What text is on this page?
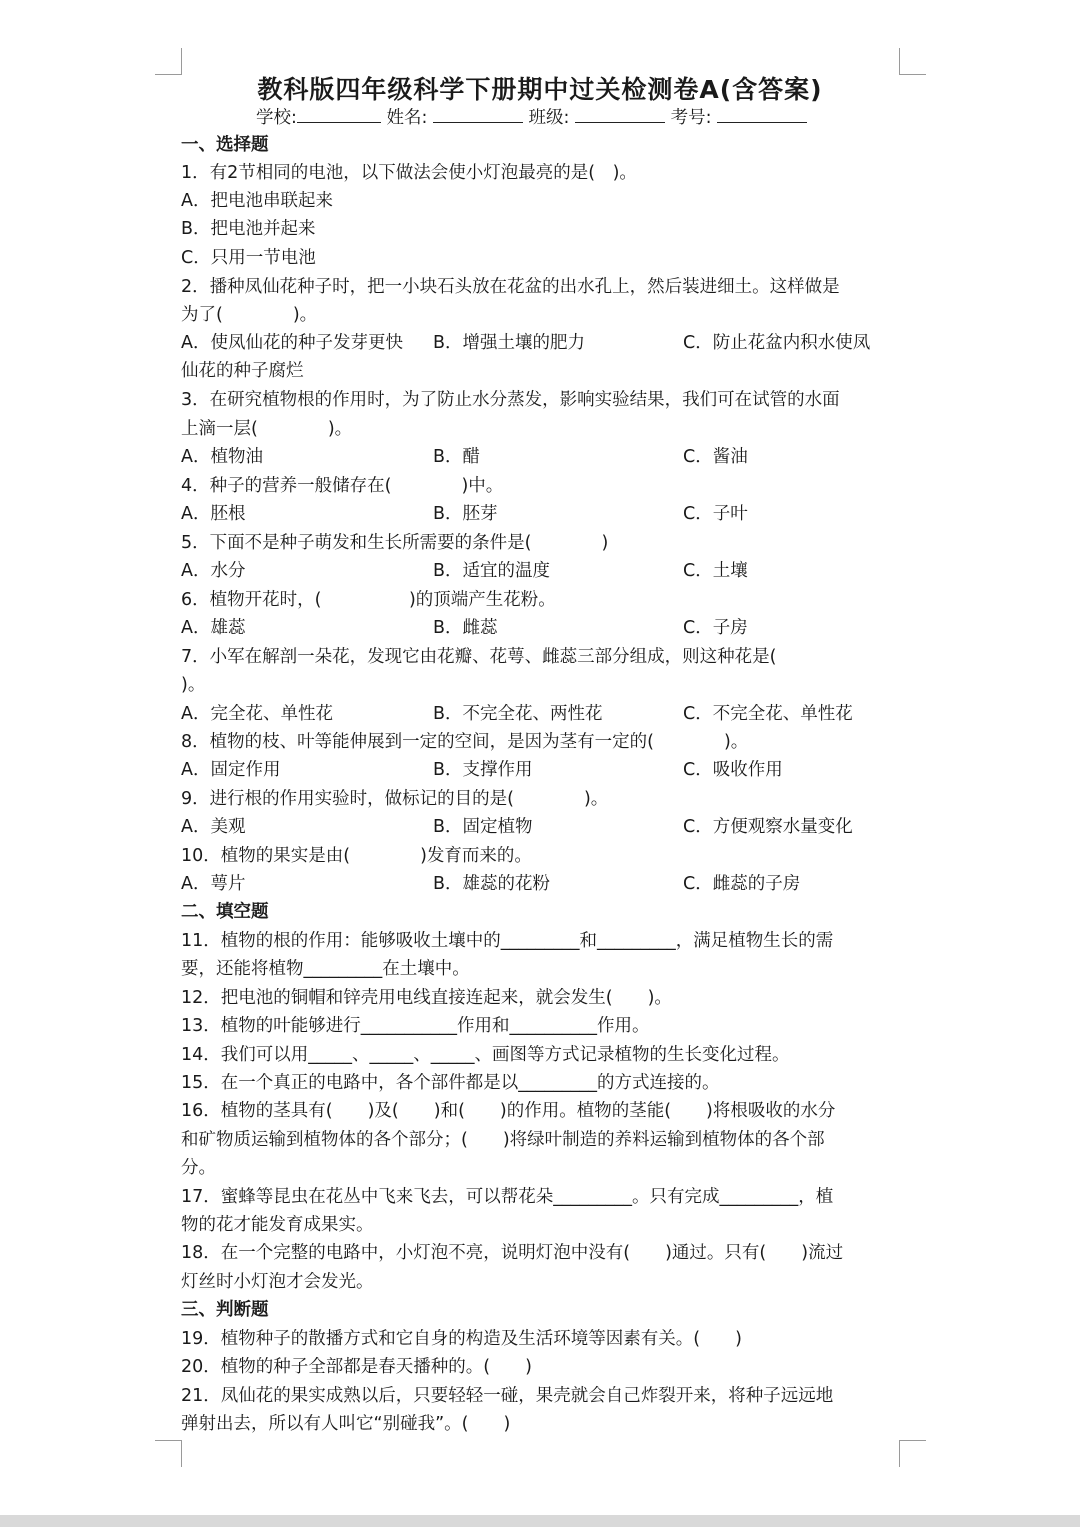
教科版四年级科学下册期中过关检测卷A(含答案)
学校:	姓名:	班级:	考号:
一、选择题
1．有2节相同的电池，以下做法会使小灯泡最亮的是(　)。
A．把电池串联起来
B．把电池并起来
C．只用一节电池
2．播种凤仙花种子时，把一小块石头放在花盆的出水孔上，然后装进细土。这样做是
为了(　　　　)。
A．使凤仙花的种子发芽更快 B．增强土壤的肥力	C．防止花盆内积水使凤
仙花的种子腐烂
3．在研究植物根的作用时，为了防止水分蒸发，影响实验结果，我们可在试管的水面
上滴一层(　　　　)。
A．植物油	B．醋	C．酱油
4．种子的营养一般储存在(　　　　)中。
A．胚根	B．胚芽	C．子叶
5．下面不是种子萌发和生长所需要的条件是(　　　　)
A．水分	B．适宜的温度	C．土壤
6．植物开花时，(　　　　　)的顶端产生花粉。
A．雄蕊	B．雌蕊	C．子房
7．小军在解剖一朵花，发现它由花瓣、花萼、雌蕊三部分组成，则这种花是(
)。
A．完全花、单性花	B．不完全花、两性花	C．不完全花、单性花
8．植物的枝、叶等能伸展到一定的空间，是因为茎有一定的(　　　　)。
A．固定作用	B．支撑作用	C．吸收作用
9．进行根的作用实验时，做标记的目的是(　　　　)。
A．美观	B．固定植物	C．方便观察水量变化
10．植物的果实是由(　　　　)发育而来的。
A．萼片	B．雄蕊的花粉	C．雌蕊的子房
二、填空题
11．植物的根的作用：能够吸收土壤中的_________和_________，满足植物生长的需
要，还能将植物_________在土壤中。
12．把电池的铜帽和锌壳用电线直接连起来，就会发生(　　)。
13．植物的叶能够进行___________作用和__________作用。
14．我们可以用_____、_____、_____、画图等方式记录植物的生长变化过程。
15．在一个真正的电路中，各个部件都是以_________的方式连接的。
16．植物的茎具有(　　)及(　　)和(　　)的作用。植物的茎能(　　)将根吸收的水分
和矿物质运输到植物体的各个部分；(　　)将绿叶制造的养料运输到植物体的各个部
分。
17．蜜蜂等昆虫在花丛中飞来飞去，可以帮花朵_________。只有完成_________，植
物的花才能发育成果实。
18．在一个完整的电路中，小灯泡不亮，说明灯泡中没有(　　)通过。只有(　　)流过
灯丝时小灯泡才会发光。
三、判断题
19．植物种子的散播方式和它自身的构造及生活环境等因素有关。(　　)
20．植物的种子全部都是春天播种的。(　　)
21．凤仙花的果实成熟以后，只要轻轻一碰，果壳就会自己炸裂开来，将种子远远地
弹射出去，所以有人叫它“别碰我”。(　　)
